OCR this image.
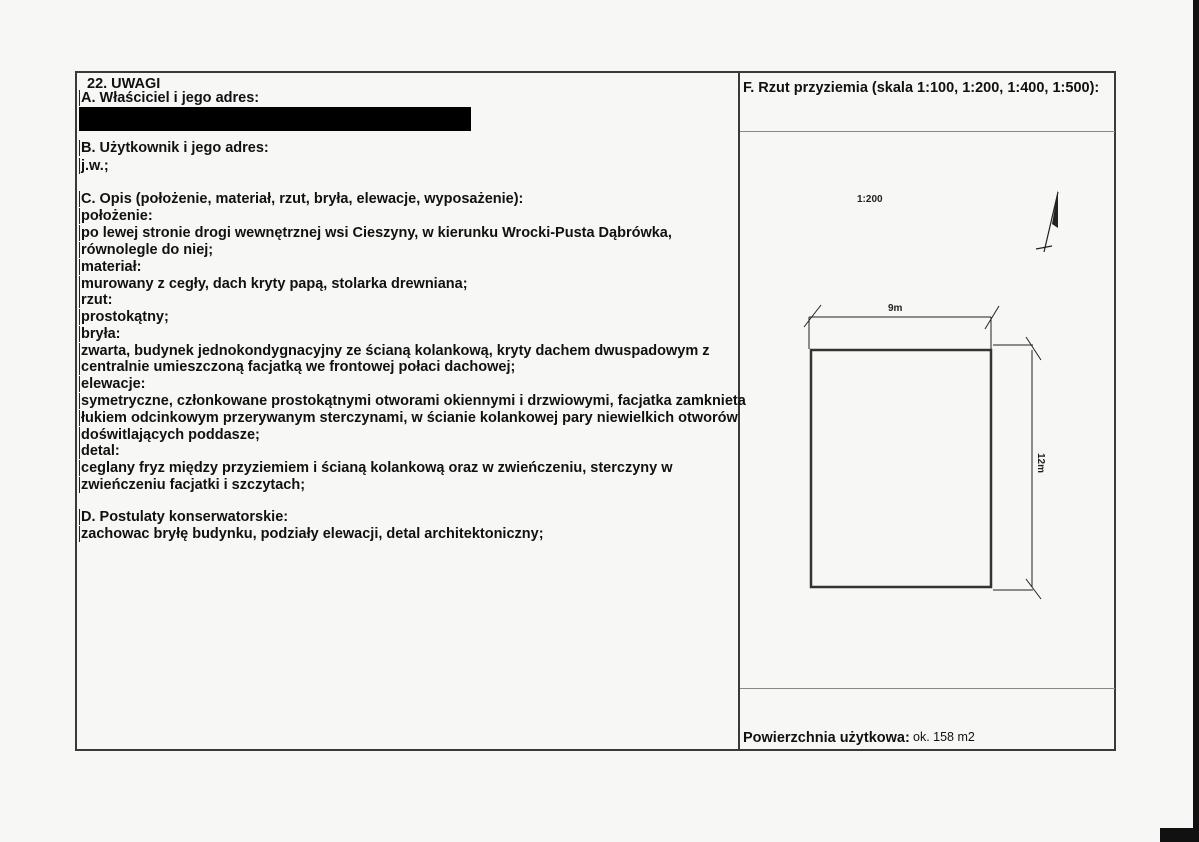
22. UWAGI
A. Właściciel i jego adres:
B. Użytkownik i jego adres:
j.w.;
C. Opis (położenie, materiał, rzut, bryła, elewacje, wyposażenie):
położenie:
po lewej stronie drogi wewnętrznej wsi Cieszyny, w kierunku Wrocki-Pusta Dąbrówka,
równolegle do niej;
materiał:
murowany z cegły, dach kryty papą, stolarka drewniana;
rzut:
prostokątny;
bryła:
zwarta, budynek jednokondygnacyjny ze ścianą kolankową, kryty dachem dwuspadowym z
centralnie umieszczoną facjatką we frontowej połaci dachowej;
elewacje:
symetryczne, członkowane prostokątnymi otworami okiennymi i drzwiowymi, facjatka zamknieta
łukiem odcinkowym przerywanym sterczynami, w ścianie kolankowej pary niewielkich otworów
doświtlających poddasze;
detal:
ceglany fryz między przyziemiem i ścianą kolankową oraz w zwieńczeniu, sterczyny w
zwieńczeniu facjatki i szczytach;
D. Postulaty konserwatorskie:
zachowac bryłę budynku, podziały elewacji, detal architektoniczny;
F. Rzut przyziemia (skala 1:100, 1:200, 1:400, 1:500):
1:200
9m
12m
Powierzchnia użytkowa: ok. 158 m2
